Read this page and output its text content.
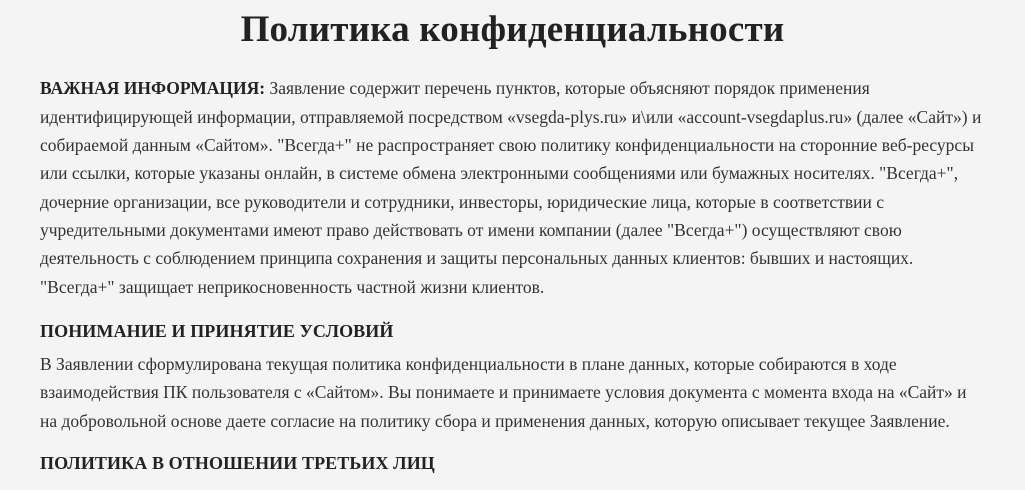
Политика конфиденциальности

ВАЖНАЯ ИНФОРМАЦИЯ: Заявление содержит перечень пунктов, которые объясняют порядок применения идентифицирующей информации, отправляемой посредством «vsegda-plys.ru» и\или «account-vsegdaplus.ru» (далее «Сайт») и собираемой данным «Сайтом». "Всегда+" не распространяет свою политику конфиденциальности на сторонние веб-ресурсы или ссылки, которые указаны онлайн, в системе обмена электронными сообщениями или бумажных носителях. "Всегда+", дочерние организации, все руководители и сотрудники, инвесторы, юридические лица, которые в соответствии с учредительными документами имеют право действовать от имени компании (далее "Всегда+") осуществляют свою деятельность с соблюдением принципа сохранения и защиты персональных данных клиентов: бывших и настоящих. "Всегда+" защищает неприкосновенность частной жизни клиентов.

ПОНИМАНИЕ И ПРИНЯТИЕ УСЛОВИЙ

В Заявлении сформулирована текущая политика конфиденциальности в плане данных, которые собираются в ходе взаимодействия ПК пользователя с «Сайтом». Вы понимаете и принимаете условия документа с момента входа на «Сайт» и на добровольной основе даете согласие на политику сбора и применения данных, которую описывает текущее Заявление.

ПОЛИТИКА В ОТНОШЕНИИ ТРЕТЬИХ ЛИЦ
